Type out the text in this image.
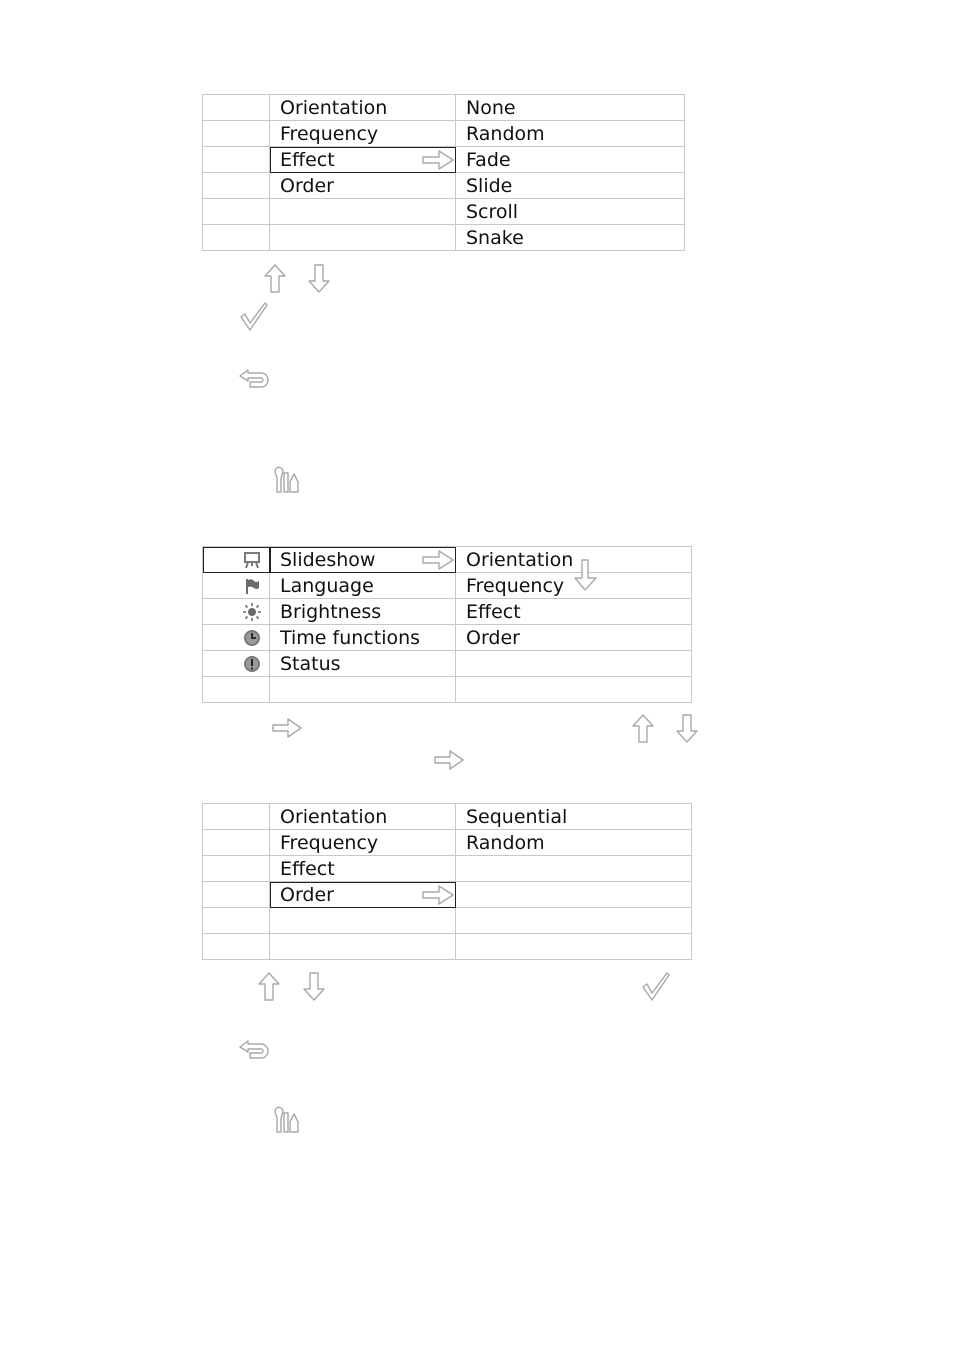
	Orientation	None
	Frequency	Random
	Effect	Fade
	Order	Slide
		Scroll
		Snake
	Slideshow	Orientation

	Language	Frequency

	Brightness	Effect

	Time functions	Order

	Status	

	Orientation	Sequential
	Frequency	Random
	Effect	
	Order
